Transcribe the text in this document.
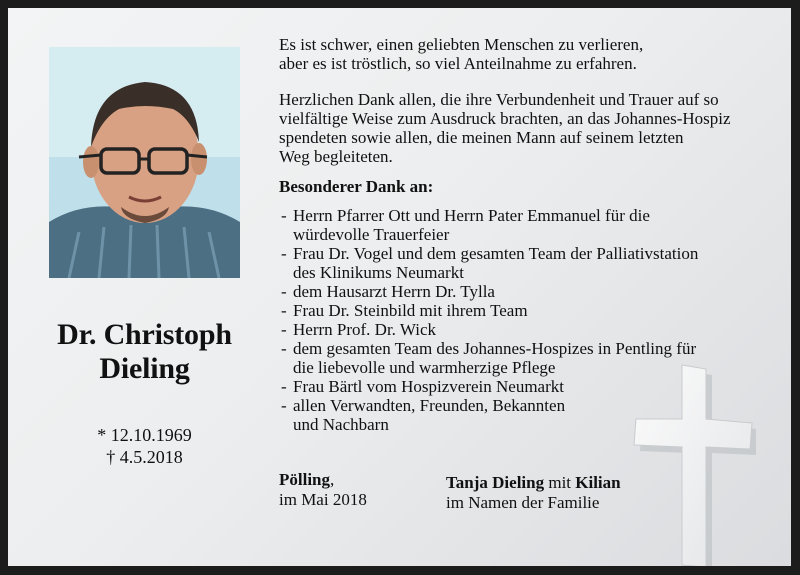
Dr. Christoph
Dieling
* 12.10.1969
† 4.5.2018
Es ist schwer, einen geliebten Menschen zu verlieren,
aber es ist tröstlich, so viel Anteilnahme zu erfahren.
Herzlichen Dank allen, die ihre Verbundenheit und Trauer auf so
vielfältige Weise zum Ausdruck brachten, an das Johannes-Hospiz
spendeten sowie allen, die meinen Mann auf seinem letzten
Weg begleiteten.
Besonderer Dank an:
- Herrn Pfarrer Ott und Herrn Pater Emmanuel für die
würdevolle Trauerfeier
- Frau Dr. Vogel und dem gesamten Team der Palliativstation
des Klinikums Neumarkt
- dem Hausarzt Herrn Dr. Tylla
- Frau Dr. Steinbild mit ihrem Team
- Herrn Prof. Dr. Wick
- dem gesamten Team des Johannes-Hospizes in Pentling für
die liebevolle und warmherzige Pflege
- Frau Bärtl vom Hospizverein Neumarkt
- allen Verwandten, Freunden, Bekannten
und Nachbarn
Pölling,
im Mai 2018
Tanja Dieling mit Kilian
im Namen der Familie
